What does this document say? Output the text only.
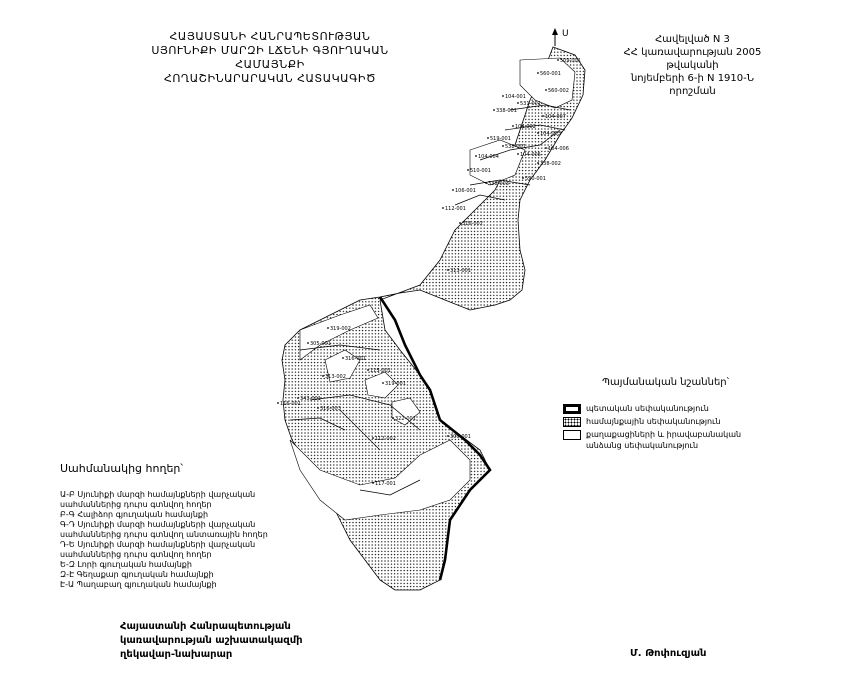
ՀԱՅԱՍՏԱՆԻ ՀԱՆՐԱՊԵՏՈՒԹՅԱՆ
ՍՅՈՒՆԻՔԻ ՄԱՐԶԻ ԼՃԵՆԻ ԳՅՈՒՂԱԿԱՆ ՀԱՄԱՅՆՔԻ
ՀՈՂԱՇԻՆԱՐԱՐԱԿԱՆ ՀԱՏԱԿԱԳԻԾ
Հավելված N 3
ՀՀ կառավարության 2005 թվականի
նոյեմբերի 6-ի N 1910-Ն որոշման
Ս
509-001
560-001
104-001
560-002
531-001
338-001
104-007
104-002
519-001
104-003
538-001	104-006
104-005
104-004
338-002
510-001
590-001
338-003
106-001
112-001
316-002
313-001
319-002
305-001
316-001
115-001
313-002
319-001
343-001
316-003
322-001
116-001
112-002
117-001
300-001
Պայմանական նշաններ՝
պետական սեփականություն
համայնքային սեփականություն
քաղաքացիների և իրավաբանական
անձանց սեփականություն
Սահմանակից հողեր՝
Ա-Բ Սյունիքի մարզի համայնքների վարչական
սահմաններից դուրս գտնվող հողեր
Բ-Գ Հալիձոր գյուղական համայնքի
Գ-Դ Սյունիքի մարզի համայնքների վարչական
սահմաններից դուրս գտնվող անտառային հողեր
Դ-Ե Սյունիքի մարզի համայնքների վարչական
սահմաններից դուրս գտնվող հողեր
Ե-Զ Լորի գյուղական համայնքի
Զ-Է Գեղաքար գյուղական համայնքի
Է-Ա Պաղաբաղ գյուղական համայնքի
Հայաստանի Հանրապետության
կառավարության աշխատակազմի
ղեկավար-նախարար	Մ. Թոփուզյան
